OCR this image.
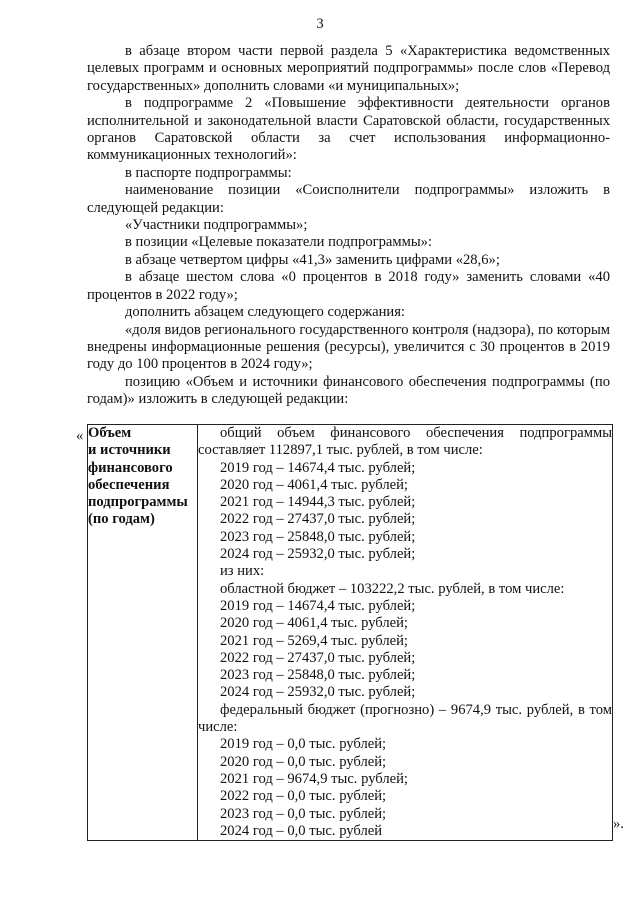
3

в абзаце втором части первой раздела 5 «Характеристика ведомственных целевых программ и основных мероприятий подпрограммы» после слов «Перевод государственных» дополнить словами «и муниципальных»;

в подпрограмме 2 «Повышение эффективности деятельности органов исполнительной и законодательной власти Саратовской области, государственных органов Саратовской области за счет использования информационно-коммуникационных технологий»:

в паспорте подпрограммы:

наименование позиции «Соисполнители подпрограммы» изложить в следующей редакции:

«Участники подпрограммы»;

в позиции «Целевые показатели подпрограммы»:

в абзаце четвертом цифры «41,3» заменить цифрами «28,6»;

в абзаце шестом слова «0 процентов в 2018 году» заменить словами «40 процентов в 2022 году»;

дополнить абзацем следующего содержания:

«доля видов регионального государственного контроля (надзора), по которым внедрены информационные решения (ресурсы), увеличится с 30 процентов в 2019 году до 100 процентов в 2024 году»;

позицию «Объем и источники финансового обеспечения подпрограммы (по годам)» изложить в следующей редакции:

« Объем
и источники
финансового
обеспечения
подпрограммы
(по годам)

общий объем финансового обеспечения подпрограммы составляет 112897,1 тыс. рублей, в том числе:
2019 год – 14674,4 тыс. рублей;
2020 год – 4061,4 тыс. рублей;
2021 год – 14944,3 тыс. рублей;
2022 год – 27437,0 тыс. рублей;
2023 год – 25848,0 тыс. рублей;
2024 год – 25932,0 тыс. рублей;
из них:
областной бюджет – 103222,2 тыс. рублей, в том числе:
2019 год – 14674,4 тыс. рублей;
2020 год – 4061,4 тыс. рублей;
2021 год – 5269,4 тыс. рублей;
2022 год – 27437,0 тыс. рублей;
2023 год – 25848,0 тыс. рублей;
2024 год – 25932,0 тыс. рублей;
федеральный бюджет (прогнозно) – 9674,9 тыс. рублей, в том числе:
2019 год – 0,0 тыс. рублей;
2020 год – 0,0 тыс. рублей;
2021 год – 9674,9 тыс. рублей;
2022 год – 0,0 тыс. рублей;
2023 год – 0,0 тыс. рублей;
2024 год – 0,0 тыс. рублей	».
